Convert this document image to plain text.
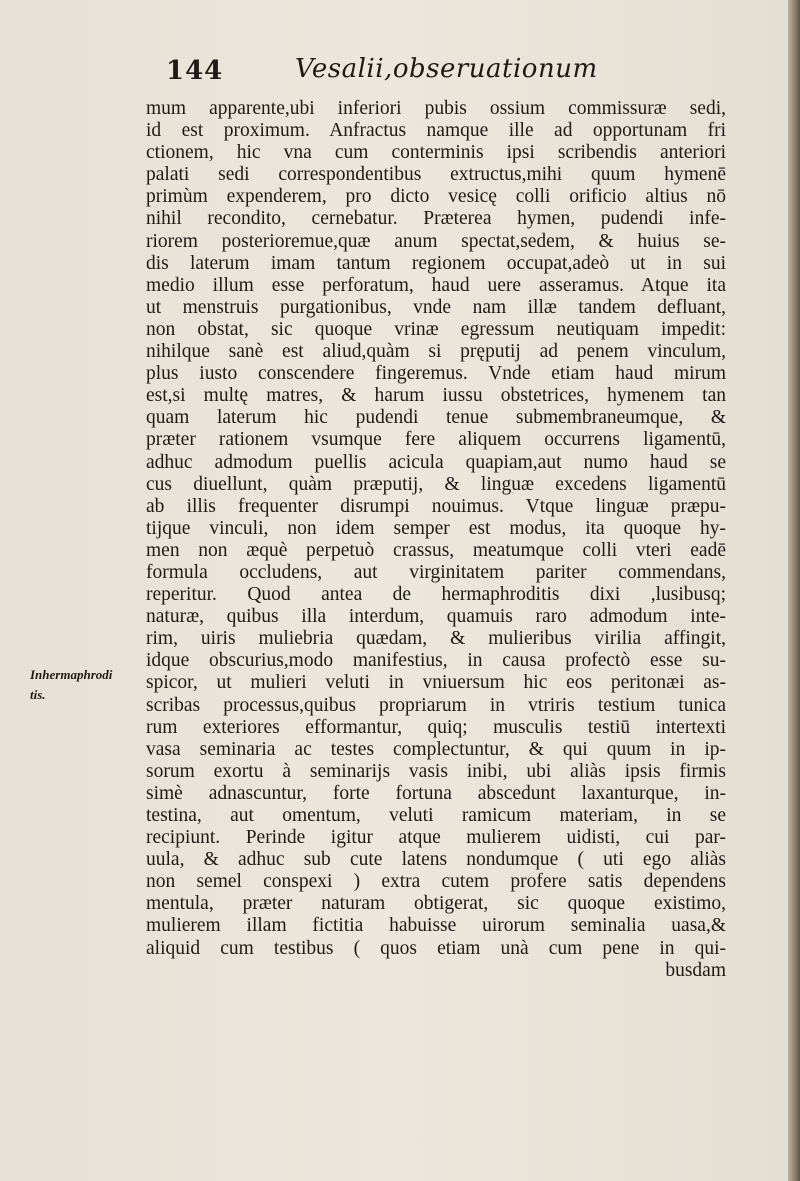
144	Vesalii,obseruationum
Inhermaphrodi
tis.
mum apparente,ubi inferiori pubis ossium commissuræ sedi,
id est proximum. Anfractus namque ille ad opportunam fri
ctionem, hic vna cum conterminis ipsi scribendis anteriori
palati sedi correspondentibus extructus,mihi quum hymenē
primùm expenderem, pro dicto vesicę colli orificio altius nō
nihil recondito, cernebatur. Præterea hymen, pudendi infe-
riorem posterioremue,quæ anum spectat,sedem, & huius se-
dis laterum imam tantum regionem occupat,adeò ut in sui
medio illum esse perforatum, haud uere asseramus. Atque ita
ut menstruis purgationibus, vnde nam illæ tandem defluant,
non obstat, sic quoque vrinæ egressum neutiquam impedit:
nihilque sanè est aliud,quàm si pręputij ad penem vinculum,
plus iusto conscendere fingeremus. Vnde etiam haud mirum
est,si multę matres, & harum iussu obstetrices, hymenem tan
quam laterum hic pudendi tenue submembraneumque, &
præter rationem vsumque fere aliquem occurrens ligamentū,
adhuc admodum puellis acicula quapiam,aut numo haud se
cus diuellunt, quàm præputij, & linguæ excedens ligamentū
ab illis frequenter disrumpi nouimus. Vtque linguæ præpu-
tijque vinculi, non idem semper est modus, ita quoque hy-
men non æquè perpetuò crassus, meatumque colli vteri eadē
formula occludens, aut virginitatem pariter commendans,
reperitur. Quod antea de hermaphroditis dixi ,lusibusq;
naturæ, quibus illa interdum, quamuis raro admodum inte-
rim, uiris muliebria quædam, & mulieribus virilia affingit,
idque obscurius,modo manifestius, in causa profectò esse su-
spicor, ut mulieri veluti in vniuersum hic eos peritonæi as-
scribas processus,quibus propriarum in vtriris testium tunica
rum exteriores efformantur, quiq; musculis testiū intertexti
vasa seminaria ac testes complectuntur, & qui quum in ip-
sorum exortu à seminarijs vasis inibi, ubi aliàs ipsis firmis
simè adnascuntur, forte fortuna abscedunt laxanturque, in-
testina, aut omentum, veluti ramicum materiam, in se
recipiunt. Perinde igitur atque mulierem uidisti, cui par-
uula, & adhuc sub cute latens nondumque ( uti ego aliàs
non semel conspexi ) extra cutem profere satis dependens
mentula, præter naturam obtigerat, sic quoque existimo,
mulierem illam fictitia habuisse uirorum seminalia uasa,&
aliquid cum testibus ( quos etiam unà cum pene in qui-
busdam
